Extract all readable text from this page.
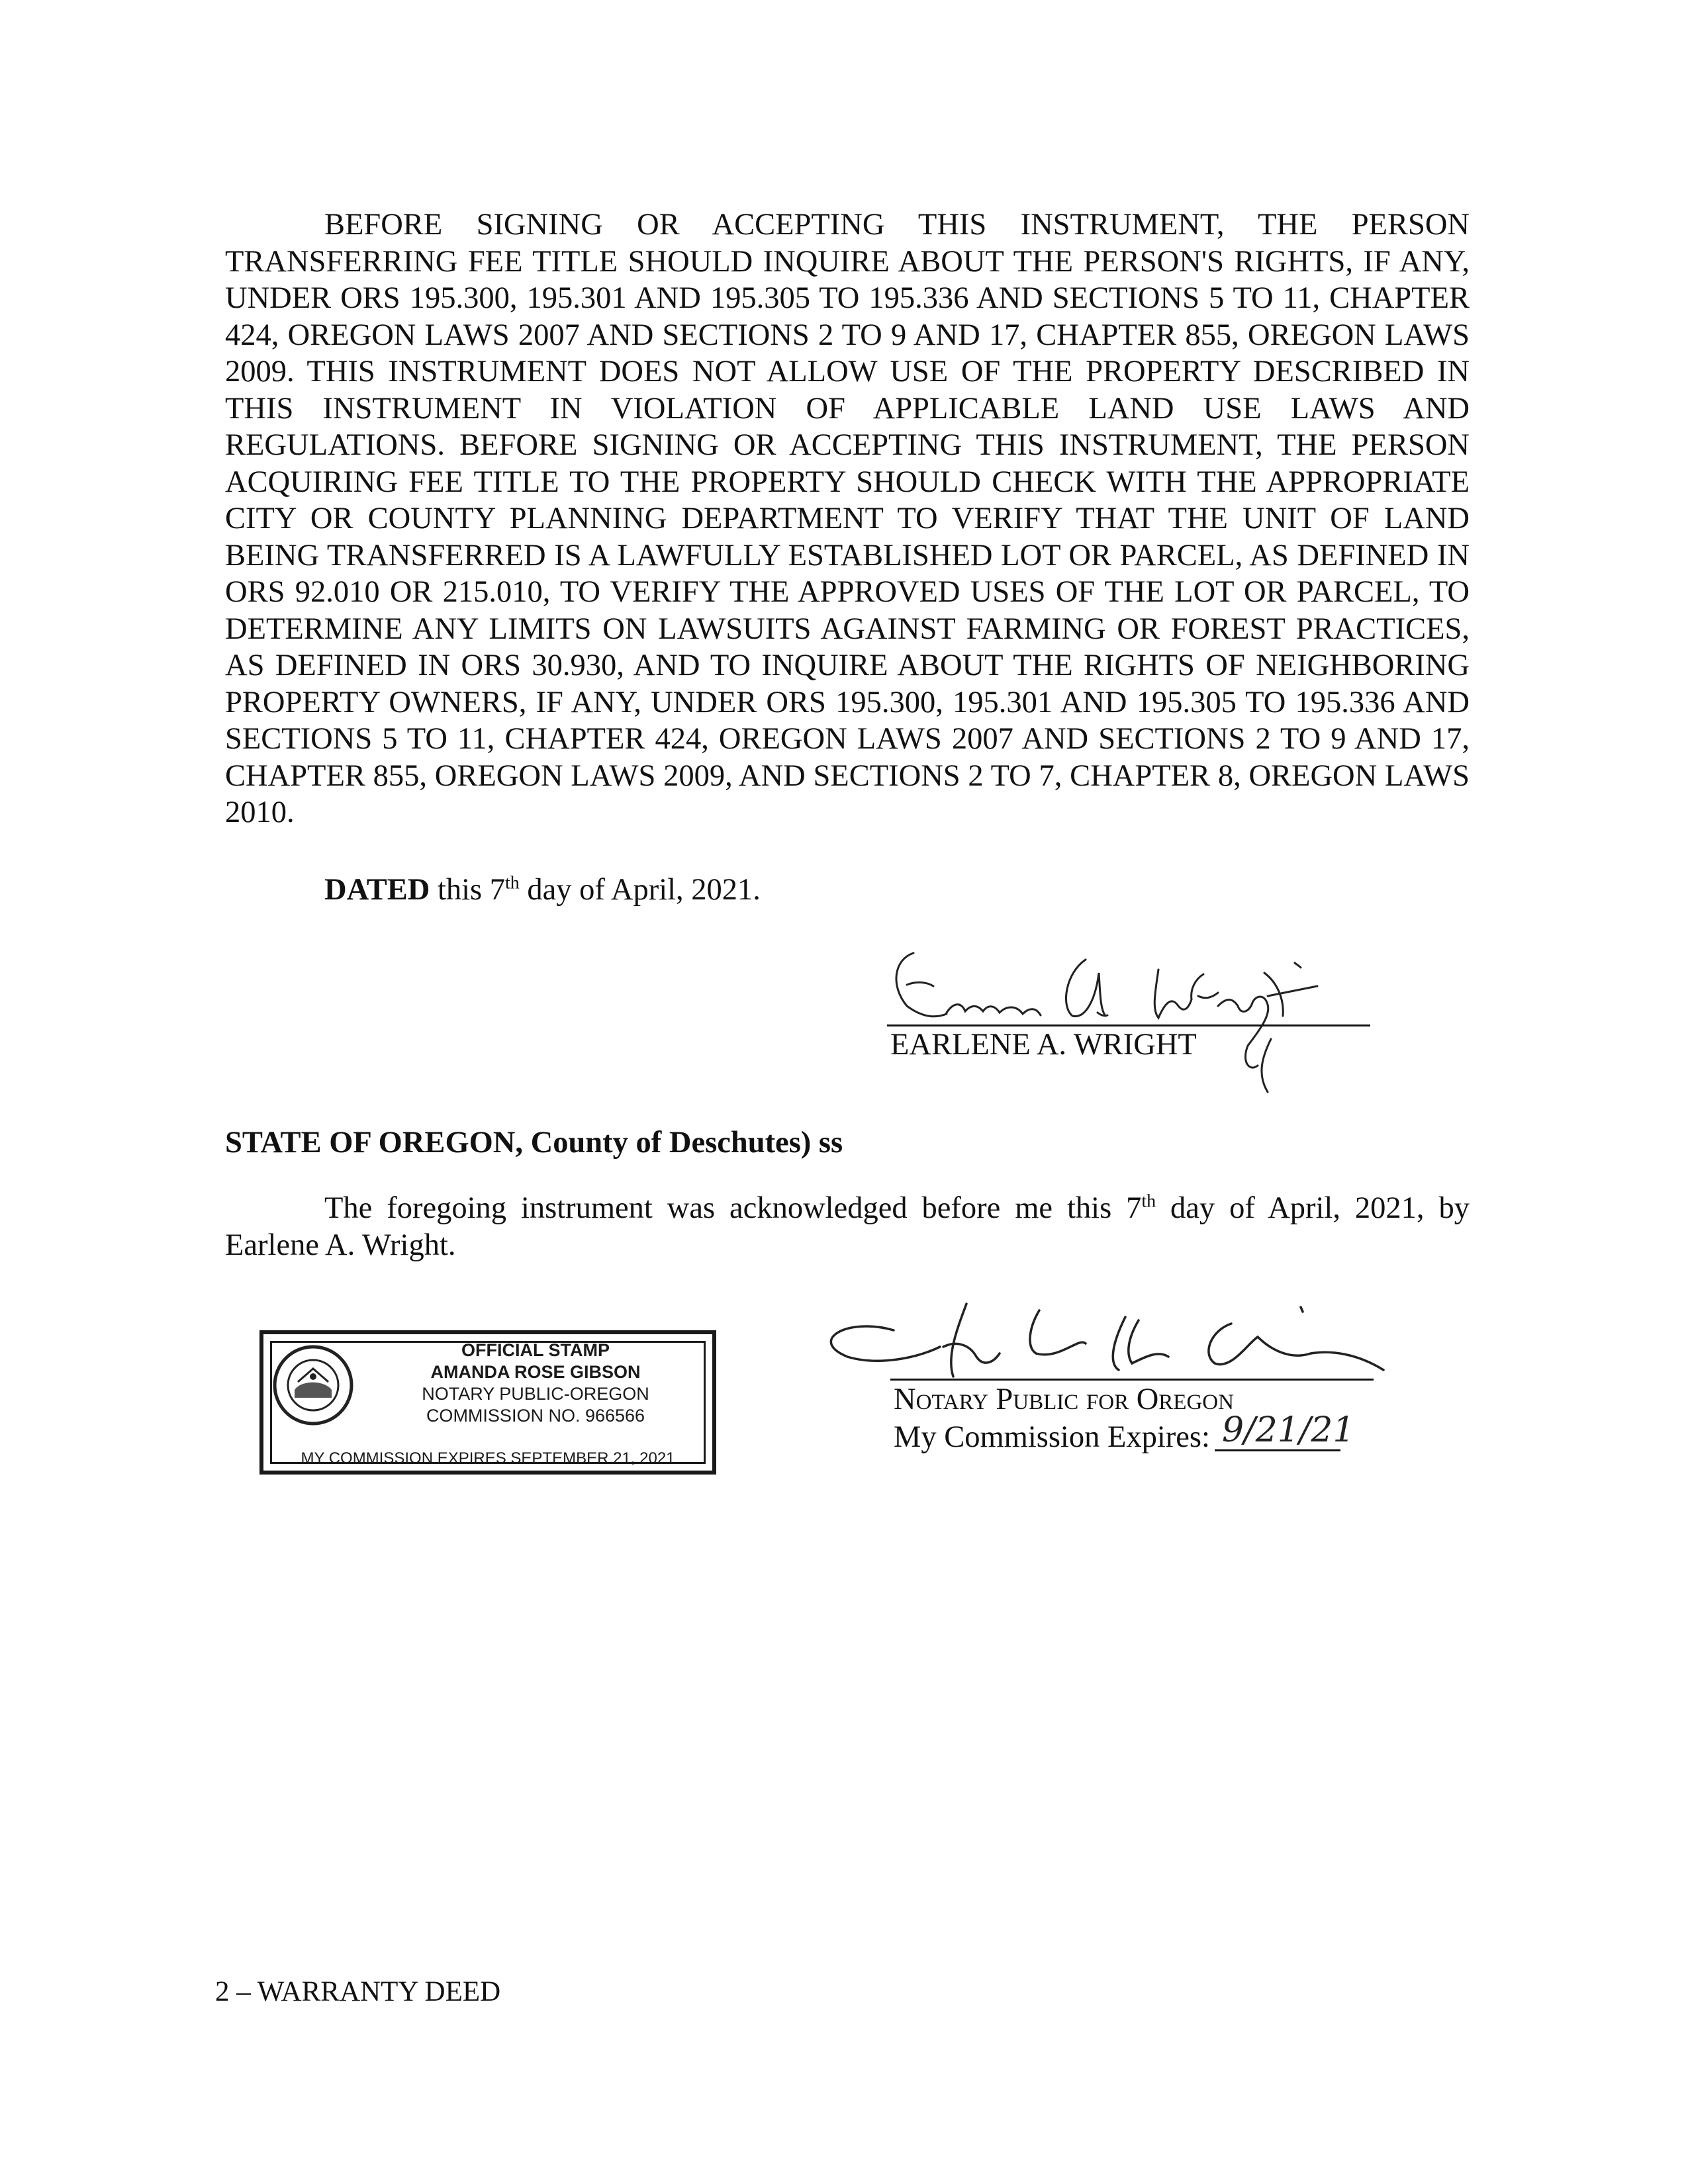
BEFORE SIGNING OR ACCEPTING THIS INSTRUMENT, THE PERSON TRANSFERRING FEE TITLE SHOULD INQUIRE ABOUT THE PERSON'S RIGHTS, IF ANY, UNDER ORS 195.300, 195.301 AND 195.305 TO 195.336 AND SECTIONS 5 TO 11, CHAPTER 424, OREGON LAWS 2007 AND SECTIONS 2 TO 9 AND 17, CHAPTER 855, OREGON LAWS 2009. THIS INSTRUMENT DOES NOT ALLOW USE OF THE PROPERTY DESCRIBED IN THIS INSTRUMENT IN VIOLATION OF APPLICABLE LAND USE LAWS AND REGULATIONS. BEFORE SIGNING OR ACCEPTING THIS INSTRUMENT, THE PERSON ACQUIRING FEE TITLE TO THE PROPERTY SHOULD CHECK WITH THE APPROPRIATE CITY OR COUNTY PLANNING DEPARTMENT TO VERIFY THAT THE UNIT OF LAND BEING TRANSFERRED IS A LAWFULLY ESTABLISHED LOT OR PARCEL, AS DEFINED IN ORS 92.010 OR 215.010, TO VERIFY THE APPROVED USES OF THE LOT OR PARCEL, TO DETERMINE ANY LIMITS ON LAWSUITS AGAINST FARMING OR FOREST PRACTICES, AS DEFINED IN ORS 30.930, AND TO INQUIRE ABOUT THE RIGHTS OF NEIGHBORING PROPERTY OWNERS, IF ANY, UNDER ORS 195.300, 195.301 AND 195.305 TO 195.336 AND SECTIONS 5 TO 11, CHAPTER 424, OREGON LAWS 2007 AND SECTIONS 2 TO 9 AND 17, CHAPTER 855, OREGON LAWS 2009, AND SECTIONS 2 TO 7, CHAPTER 8, OREGON LAWS 2010.

DATED this 7th day of April, 2021.
EARLENE A. WRIGHT
STATE OF OREGON, County of Deschutes) ss

The foregoing instrument was acknowledged before me this 7th day of April, 2021, by Earlene A. Wright.

OFFICIAL STAMP
AMANDA ROSE GIBSON
NOTARY PUBLIC-OREGON
COMMISSION NO. 966566
MY COMMISSION EXPIRES SEPTEMBER 21, 2021
Notary Public for Oregon
My Commission Expires: 9/21/21
2 – WARRANTY DEED
